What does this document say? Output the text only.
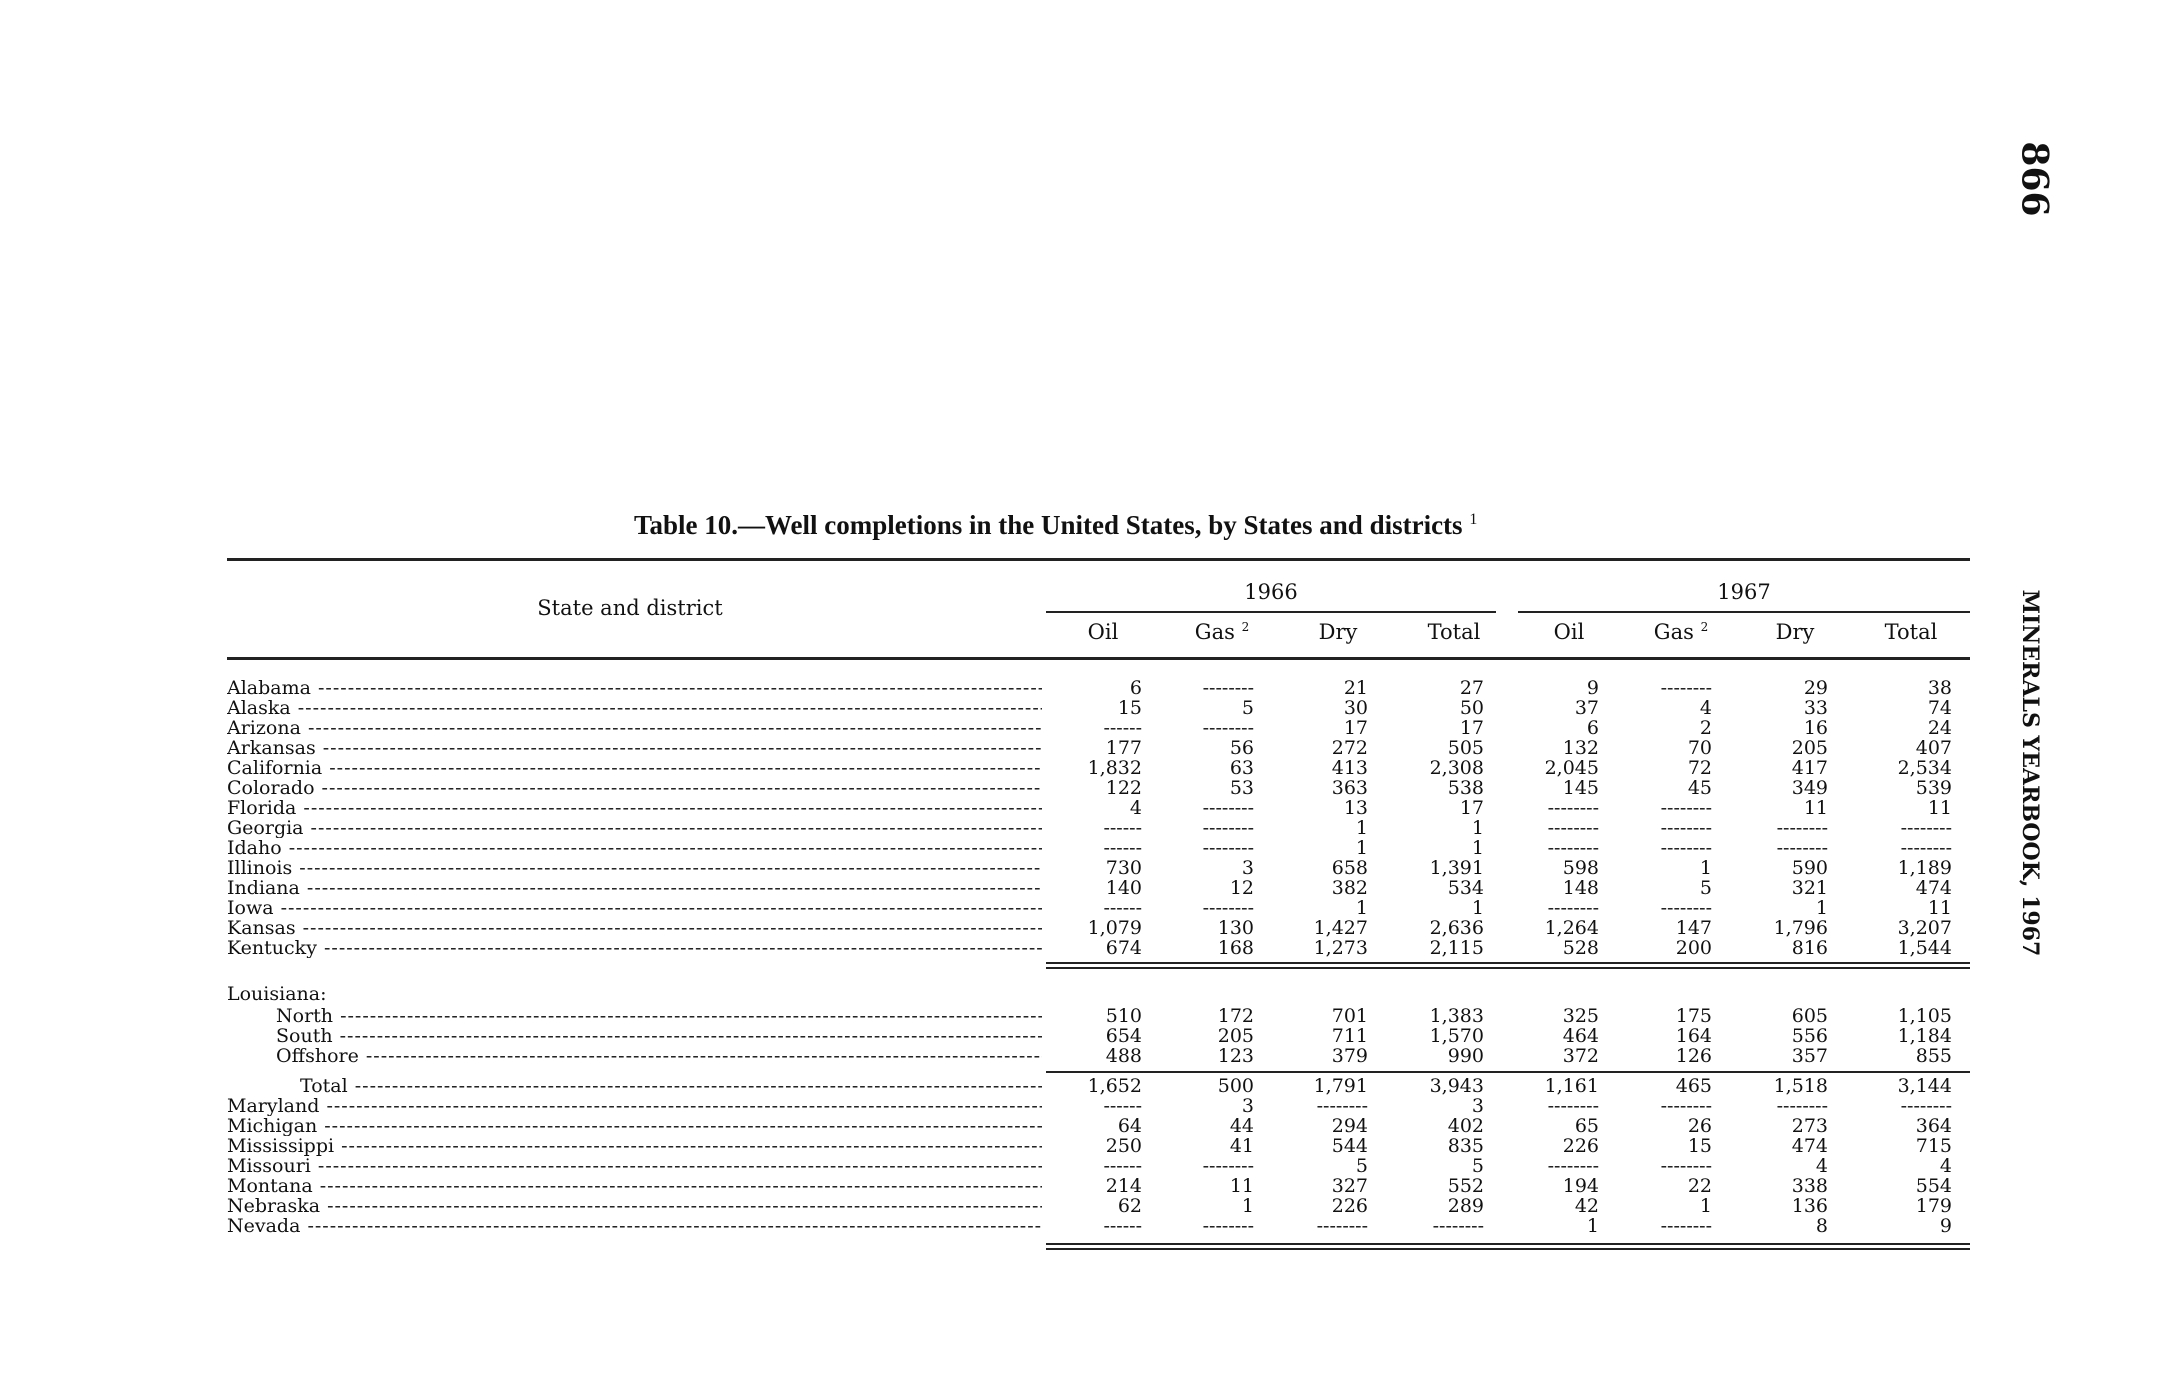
866
MINERALS YEARBOOK, 1967
Table 10.—Well completions in the United States, by States and districts $^1$
State and district
1966	1967
Oil	Gas $^2$	Dry	Total	Oil	Gas $^2$	Dry	Total
Alabama -----	6	--------	21	27	9	--------	29	38
Alaska -----	15	5	30	50	37	4	33	74
Arizona -----	------	--------	17	17	6	2	16	24
Arkansas -----	177	56	272	505	132	70	205	407
California -----	1,832	63	413	2,308	2,045	72	417	2,534
Colorado -----	122	53	363	538	145	45	349	539
Florida -----	4	--------	13	17	--------	--------	11	11
Georgia -----	------	--------	1	1	--------	--------	--------	--------
Idaho -----	------	--------	1	1	--------	--------	--------	--------
Illinois -----	730	3	658	1,391	598	1	590	1,189
Indiana -----	140	12	382	534	148	5	321	474
Iowa -----	------	--------	1	1	--------	--------	1	11
Kansas -----	1,079	130	1,427	2,636	1,264	147	1,796	3,207
Kentucky -----	674	168	1,273	2,115	528	200	816	1,544
Louisiana:
North -----	510	172	701	1,383	325	175	605	1,105
South -----	654	205	711	1,570	464	164	556	1,184
Offshore -----	488	123	379	990	372	126	357	855
Total -----	1,652	500	1,791	3,943	1,161	465	1,518	3,144
Maryland -----	------	3	--------	3	--------	--------	--------	--------
Michigan -----	64	44	294	402	65	26	273	364
Mississippi -----	250	41	544	835	226	15	474	715
Missouri -----	------	--------	5	5	--------	--------	4	4
Montana -----	214	11	327	552	194	22	338	554
Nebraska -----	62	1	226	289	42	1	136	179
Nevada -----	------	--------	--------	--------	1	--------	8	9
